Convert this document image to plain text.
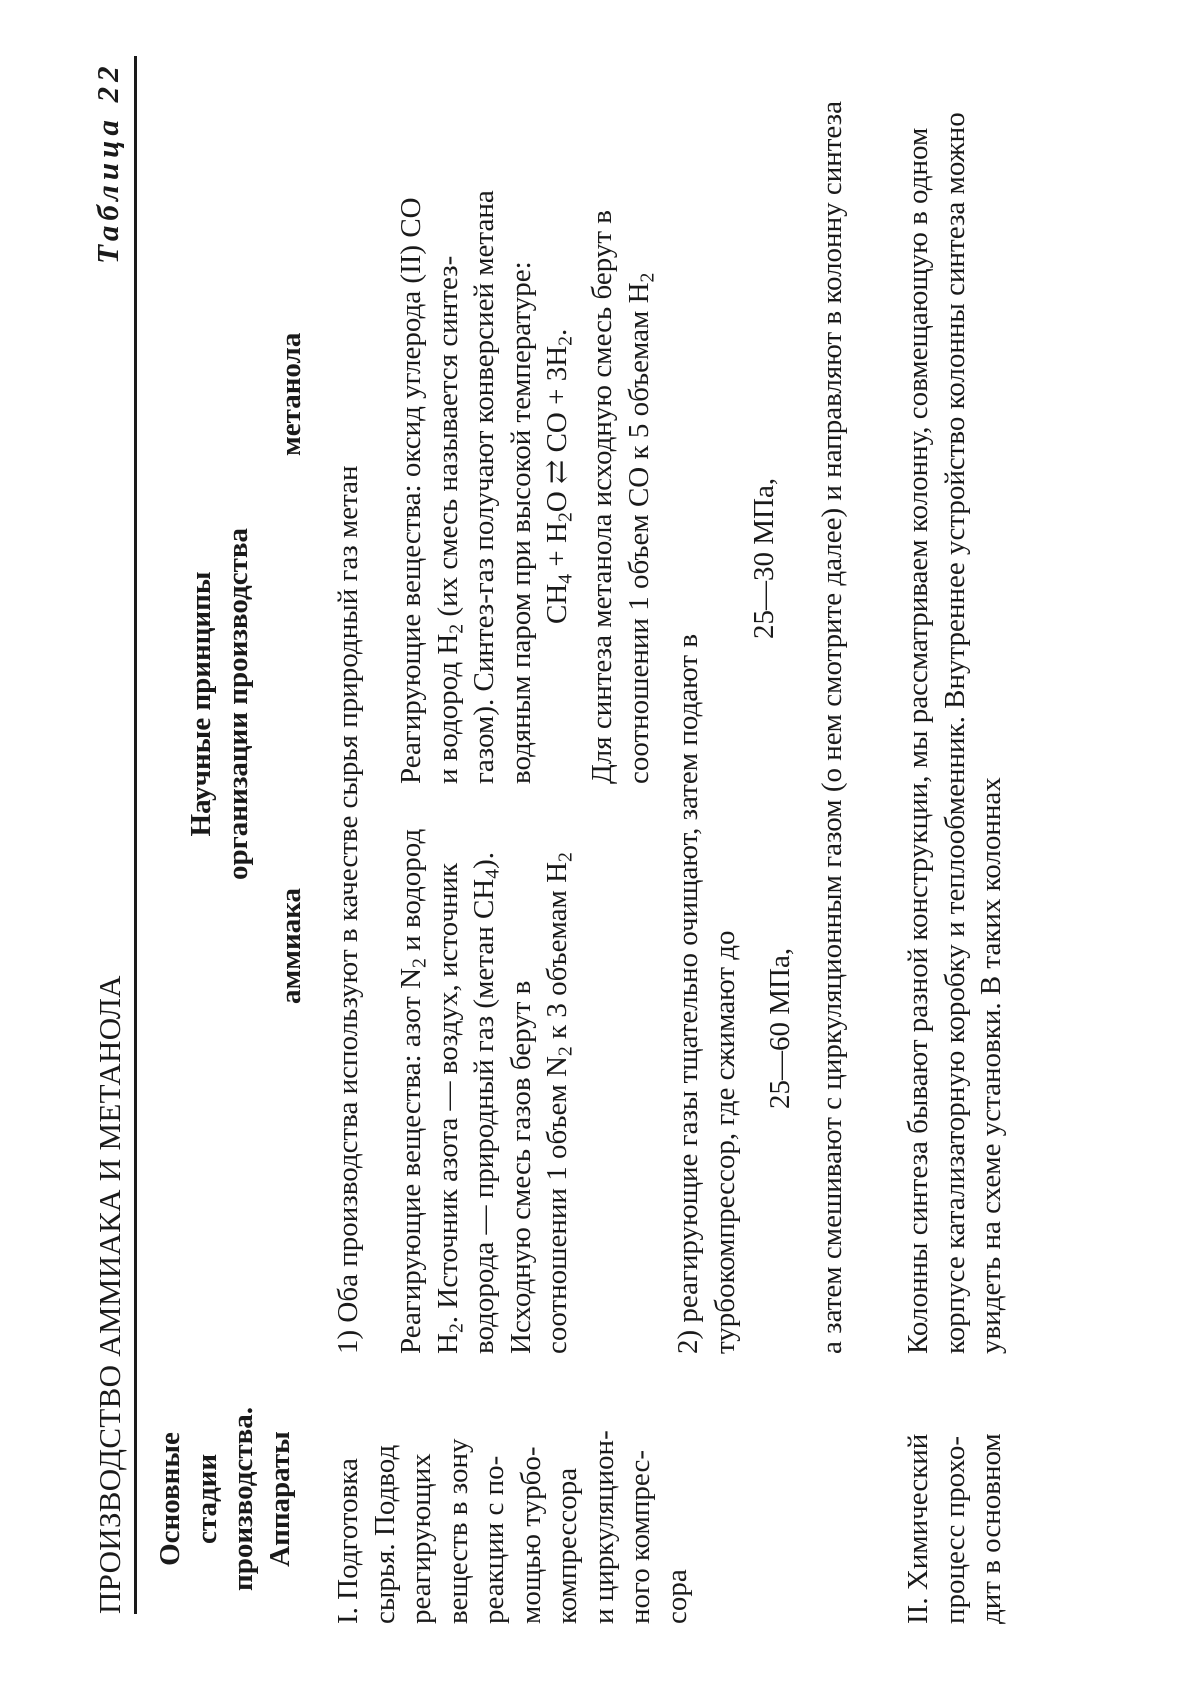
ПРОИЗВОДСТВО АММИАКА И МЕТАНОЛА
Таблица 22
Основные стадии производства. Аппараты
Научные принципы организации производства
аммиака
метанола
I. Подготовка сырья. Подвод реагирующих веществ в зону реакции с по- мощью турбо- компрессора и циркуляцион- ного компрес- сора
1) Оба производства используют в качестве сырья природный газ метан Реагирующие вещества: азот $N_2$ и водород $H_2$. Источник азота — воздух, источник водорода — природный газ (метан $CH_4$). Исходную смесь газов берут в соотношении 1 объем $N_2$ к 3 объемам $H_2$
Реагирующие вещества: оксид углерода (II) CO и водород $H_2$ (их смесь называется синтез-газом). Синтез-газ получают конверсией метана водяным паром при высокой температуре: $CH_4 + H_2O$ ⇄ CO + $3H_2$. Для синтеза метанола исходную смесь берут в соотношении 1 объем CO к 5 объемам $H_2$
2) реагирующие газы тщательно очищают, затем подают в турбокомпрессор, где сжимают до 25—60 МПа,
25—30 МПа, а затем смешивают с циркуляционным газом (о нем смотрите далее) и направляют в колонну синтеза
II. Химический процесс прохо- дит в основном
Колонны синтеза бывают разной конструкции, мы рассматриваем колонну, совмещающую в одном корпусе катализаторную коробку и теплообменник. Внутреннее устройство колонны синтеза можно увидеть на схеме установки. В таких колоннах
